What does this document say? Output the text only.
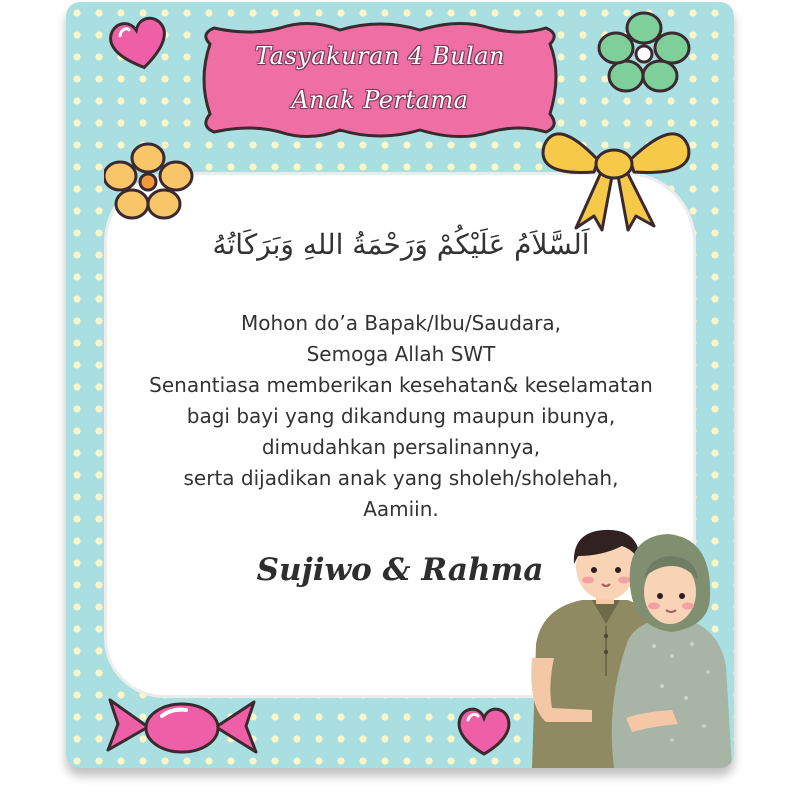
Tasyakuran 4 Bulan
Anak Pertama
اَلسَّلاَمُ عَلَيْكُمْ وَرَحْمَةُ اللهِ وَبَرَكَاتُهُ
Mohon do’a Bapak/Ibu/Saudara,
Semoga Allah SWT
Senantiasa memberikan kesehatan& keselamatan
bagi bayi yang dikandung maupun ibunya,
dimudahkan persalinannya,
serta dijadikan anak yang sholeh/sholehah,
Aamiin.
Sujiwo & Rahma
